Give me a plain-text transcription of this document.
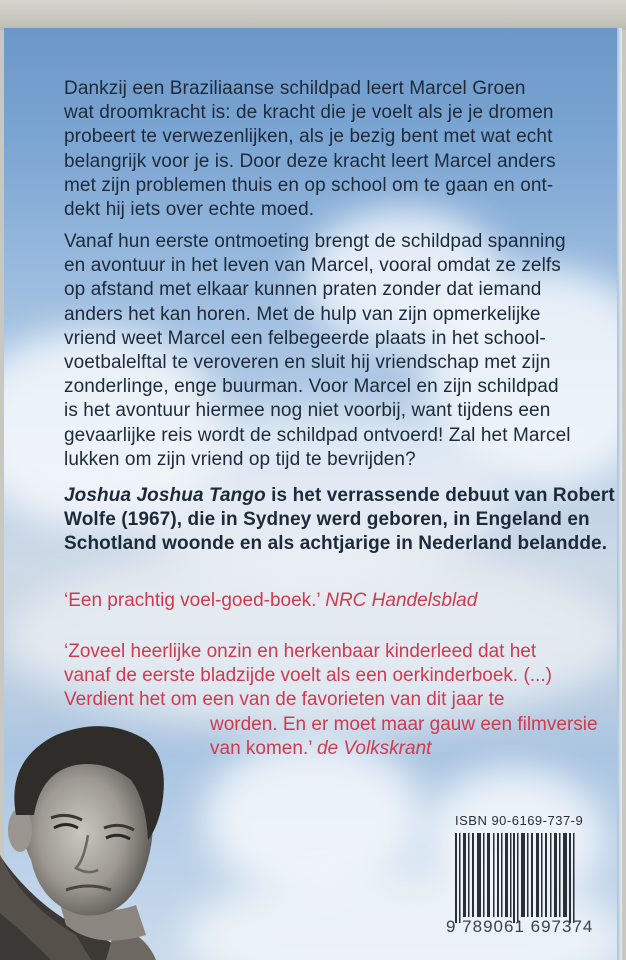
Dankzij een Braziliaanse schildpad leert Marcel Groen
wat droomkracht is: de kracht die je voelt als je je dromen
probeert te verwezenlijken, als je bezig bent met wat echt
belangrijk voor je is. Door deze kracht leert Marcel anders
met zijn problemen thuis en op school om te gaan en ont-
dekt hij iets over echte moed.
Vanaf hun eerste ontmoeting brengt de schildpad spanning
en avontuur in het leven van Marcel, vooral omdat ze zelfs
op afstand met elkaar kunnen praten zonder dat iemand
anders het kan horen. Met de hulp van zijn opmerkelijke
vriend weet Marcel een felbegeerde plaats in het school-
voetbalelftal te veroveren en sluit hij vriendschap met zijn
zonderlinge, enge buurman. Voor Marcel en zijn schildpad
is het avontuur hiermee nog niet voorbij, want tijdens een
gevaarlijke reis wordt de schildpad ontvoerd! Zal het Marcel
lukken om zijn vriend op tijd te bevrijden?
Joshua Joshua Tango is het verrassende debuut van Robert
Wolfe (1967), die in Sydney werd geboren, in Engeland en
Schotland woonde en als achtjarige in Nederland belandde.
‘Een prachtig voel-goed-boek.’ NRC Handelsblad
‘Zoveel heerlijke onzin en herkenbaar kinderleed dat het
vanaf de eerste bladzijde voelt als een oerkinderboek. (...)
Verdient het om een van de favorieten van dit jaar te
worden. En er moet maar gauw een filmversie
van komen.’ de Volkskrant
ISBN 90-6169-737-9
9 789061 697374
